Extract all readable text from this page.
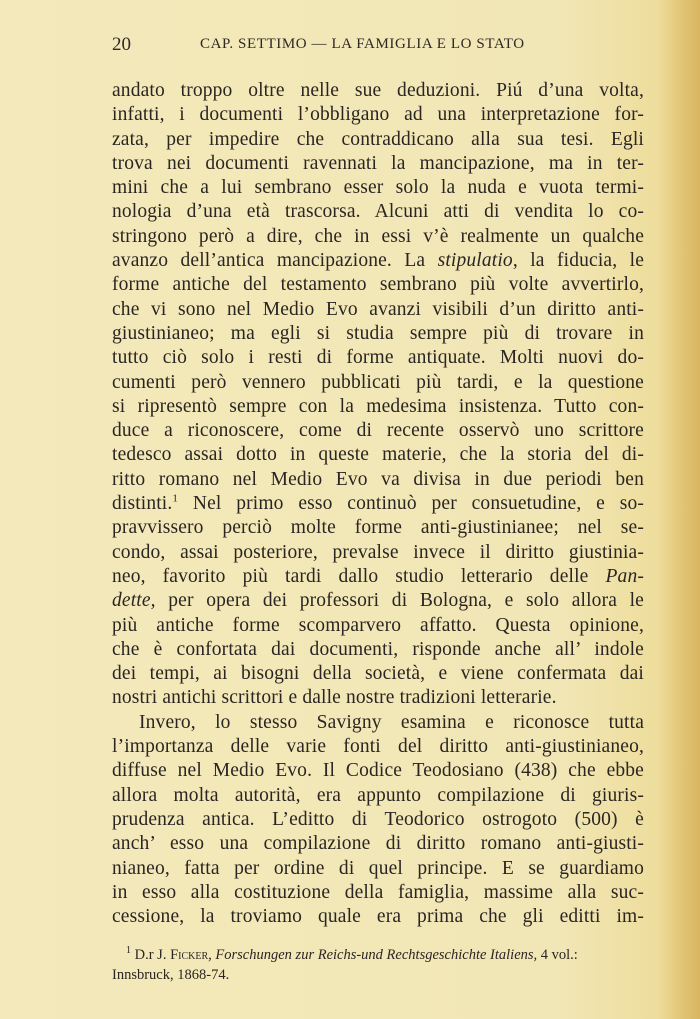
20	CAP. SETTIMO — LA FAMIGLIA E LO STATO
andato troppo oltre nelle sue deduzioni. Piú d’una volta,
infatti, i documenti l’obbligano ad una interpretazione for-
zata, per impedire che contraddicano alla sua tesi. Egli
trova nei documenti ravennati la mancipazione, ma in ter-
mini che a lui sembrano esser solo la nuda e vuota termi-
nologia d’una età trascorsa. Alcuni atti di vendita lo co-
stringono però a dire, che in essi v’è realmente un qualche
avanzo dell’antica mancipazione. La stipulatio, la fiducia, le
forme antiche del testamento sembrano più volte avvertirlo,
che vi sono nel Medio Evo avanzi visibili d’un diritto anti-
giustinianeo; ma egli si studia sempre più di trovare in
tutto ciò solo i resti di forme antiquate. Molti nuovi do-
cumenti però vennero pubblicati più tardi, e la questione
si ripresentò sempre con la medesima insistenza. Tutto con-
duce a riconoscere, come di recente osservò uno scrittore
tedesco assai dotto in queste materie, che la storia del di-
ritto romano nel Medio Evo va divisa in due periodi ben
distinti.$^1$ Nel primo esso continuò per consuetudine, e so-
pravvissero perciò molte forme anti-giustinianee; nel se-
condo, assai posteriore, prevalse invece il diritto giustinia-
neo, favorito più tardi dallo studio letterario delle Pan-
dette, per opera dei professori di Bologna, e solo allora le
più antiche forme scomparvero affatto. Questa opinione,
che è confortata dai documenti, risponde anche all’ indole
dei tempi, ai bisogni della società, e viene confermata dai
nostri antichi scrittori e dalle nostre tradizioni letterarie.
Invero, lo stesso Savigny esamina e riconosce tutta
l’importanza delle varie fonti del diritto anti-giustinianeo,
diffuse nel Medio Evo. Il Codice Teodosiano (438) che ebbe
allora molta autorità, era appunto compilazione di giuris-
prudenza antica. L’editto di Teodorico ostrogoto (500) è
anch’ esso una compilazione di diritto romano anti-giusti-
nianeo, fatta per ordine di quel principe. E se guardiamo
in esso alla costituzione della famiglia, massime alla suc-
cessione, la troviamo quale era prima che gli editti im-
$^1$ D.r J. Ficker, Forschungen zur Reichs-und Rechtsgeschichte Italiens, 4 vol.:
Innsbruck, 1868-74.
